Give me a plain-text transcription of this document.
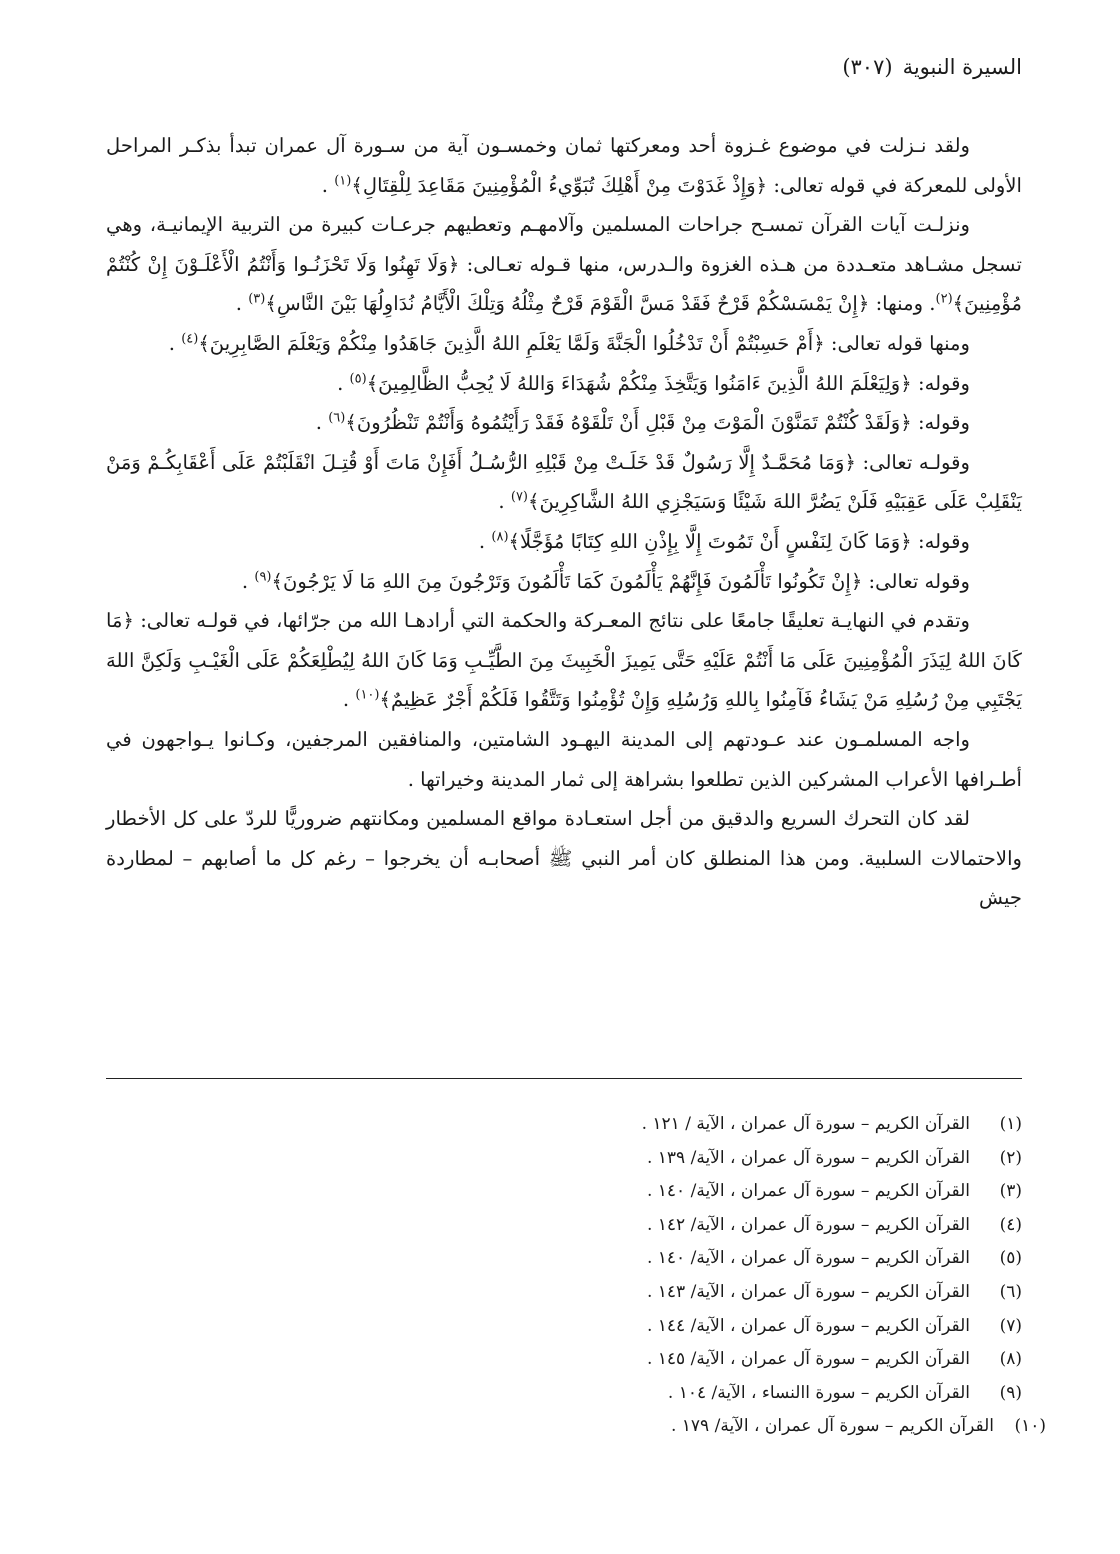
السيرة النبوية(٣٠٧)

ولقد نـزلت في موضوع غـزوة أحد ومعركتها ثمان وخمسـون آية من سـورة آل عمران تبدأ بذكـر المراحل الأولى للمعركة في قوله تعالى: ﴿وَإِذْ غَدَوْتَ مِنْ أَهْلِكَ تُبَوِّيءُ الْمُؤْمِنِينَ مَقَاعِدَ لِلْقِتَالِ﴾$^{(١)}$ .

ونزلـت آيات القرآن تمسـح جراحات المسلمين وآلامهـم وتعطيهم جرعـات كبيرة من التربية الإيمانيـة، وهي تسجل مشـاهد متعـددة من هـذه الغزوة والـدرس، منها قـوله تعـالى: ﴿وَلَا تَهِنُوا وَلَا تَحْزَنُـوا وَأَنْتُمُ الْأَعْلَـوْنَ إِنْ كُنْتُمْ مُؤْمِنِينَ﴾$^{(٢)}$. ومنها: ﴿إِنْ يَمْسَسْكُمْ قَرْحٌ فَقَدْ مَسَّ الْقَوْمَ قَرْحٌ مِثْلُهُ وَتِلْكَ الْأَيَّامُ نُدَاوِلُهَا بَيْنَ النَّاسِ﴾$^{(٣)}$ .

ومنها قوله تعالى: ﴿أَمْ حَسِبْتُمْ أَنْ تَدْخُلُوا الْجَنَّةَ وَلَمَّا يَعْلَمِ اللهُ الَّذِينَ جَاهَدُوا مِنْكُمْ وَيَعْلَمَ الصَّابِرِينَ﴾$^{(٤)}$ .

وقوله: ﴿وَلِيَعْلَمَ اللهُ الَّذِينَ ءَامَنُوا وَيَتَّخِذَ مِنْكُمْ شُهَدَاءَ وَاللهُ لَا يُحِبُّ الظَّالِمِينَ﴾$^{(٥)}$ .

وقوله: ﴿وَلَقَدْ كُنْتُمْ تَمَنَّوْنَ الْمَوْتَ مِنْ قَبْلِ أَنْ تَلْقَوْهُ فَقَدْ رَأَيْتُمُوهُ وَأَنْتُمْ تَنْظُرُونَ﴾$^{(٦)}$ .

وقولـه تعالى: ﴿وَمَا مُحَمَّـدٌ إِلَّا رَسُولٌ قَدْ خَلَـتْ مِنْ قَبْلِهِ الرُّسُـلُ أَفَإِنْ مَاتَ أَوْ قُتِـلَ انْقَلَبْتُمْ عَلَى أَعْقَابِكُـمْ وَمَنْ يَنْقَلِبْ عَلَى عَقِبَيْهِ فَلَنْ يَضُرَّ اللهَ شَيْئًا وَسَيَجْزِي اللهُ الشَّاكِرِينَ﴾$^{(٧)}$ .

وقوله: ﴿وَمَا كَانَ لِنَفْسٍ أَنْ تَمُوتَ إِلَّا بِإِذْنِ اللهِ كِتَابًا مُؤَجَّلًا﴾$^{(٨)}$ .

وقوله تعالى: ﴿إِنْ تَكُونُوا تَأْلَمُونَ فَإِنَّهُمْ يَأْلَمُونَ كَمَا تَأْلَمُونَ وَتَرْجُونَ مِنَ اللهِ مَا لَا يَرْجُونَ﴾$^{(٩)}$ .

وتقدم في النهايـة تعليقًا جامعًا على نتائج المعـركة والحكمة التي أرادهـا الله من جرّائها، في قولـه تعالى: ﴿مَا كَانَ اللهُ لِيَذَرَ الْمُؤْمِنِينَ عَلَى مَا أَنْتُمْ عَلَيْهِ حَتَّى يَمِيزَ الْخَبِيثَ مِنَ الطَّيِّـبِ وَمَا كَانَ اللهُ لِيُطْلِعَكُمْ عَلَى الْغَيْـبِ وَلَكِنَّ اللهَ يَجْتَبِي مِنْ رُسُلِهِ مَنْ يَشَاءُ فَآمِنُوا بِاللهِ وَرُسُلِهِ وَإِنْ تُؤْمِنُوا وَتَتَّقُوا فَلَكُمْ أَجْرٌ عَظِيمٌ﴾$^{(١٠)}$ .

واجه المسلمـون عند عـودتهم إلى المدينة اليهـود الشامتين، والمنافقين المرجفين، وكـانوا يـواجهون في أطـرافها الأعراب المشركين الذين تطلعوا بشراهة إلى ثمار المدينة وخيراتها .

لقد كان التحرك السريع والدقيق من أجل استعـادة مواقع المسلمين ومكانتهم ضروريًّا للردّ على كل الأخطار والاحتمالات السلبية. ومن هذا المنطلق كان أمر النبي ﷺ أصحابـه أن يخرجوا – رغم كل ما أصابهم – لمطاردة جيش

(١)
القرآن الكريم – سورة آل عمران ، الآية / ١٢١ .
(٢)
القرآن الكريم – سورة آل عمران ، الآية/ ١٣٩ .
(٣)
القرآن الكريم – سورة آل عمران ، الآية/ ١٤٠ .
(٤)
القرآن الكريم – سورة آل عمران ، الآية/ ١٤٢ .
(٥)
القرآن الكريم – سورة آل عمران ، الآية/ ١٤٠ .
(٦)
القرآن الكريم – سورة آل عمران ، الآية/ ١٤٣ .
(٧)
القرآن الكريم – سورة آل عمران ، الآية/ ١٤٤ .
(٨)
القرآن الكريم – سورة آل عمران ، الآية/ ١٤٥ .
(٩)
القرآن الكريم – سورة االنساء ، الآية/ ١٠٤ .
(١٠)
القرآن الكريم – سورة آل عمران ، الآية/ ١٧٩ .
